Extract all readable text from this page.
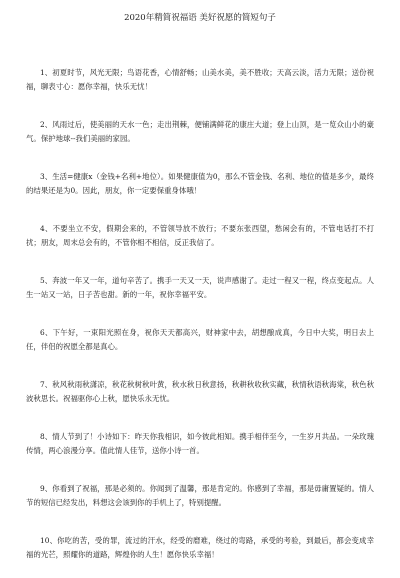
2020年精简祝福语 美好祝愿的简短句子

1、初夏时节，风光无限；鸟语花香，心情舒畅；山美水美，美不胜收；天高云淡，活力无限；送份祝福，聊表寸心：愿你幸福，快乐无忧！

2、风雨过后，使美丽的天水一色；走出荆棘，便铺满鲜花的康庄大道；登上山顶，是一览众山小的豪气。保护地球--我们美丽的家园。

3、生活=健康x（金钱+名利+地位）。如果健康值为0，那么不管金钱、名利、地位的值是多少，最终的结果还是为0。因此，朋友，你一定要保重身体哦！

4、不要坐立不安，假期会来的，不管领导放不放行；不要东张西望，愁闲会有的，不管电话打不打扰；朋友，周末总会有的，不管你相不相信，反正我信了。

5、奔波一年又一年，道句辛苦了。携手一天又一天，说声感谢了。走过一程又一程，终点变起点。人生一站又一站，日子苦也甜。新的一年，祝你幸福平安。

6、下午好，一束阳光照在身，祝你天天都高兴，财神家中去，胡想酿成真，今日中大奖，明日去上任，伴侣的祝愿全都是真心。

7、秋风秋雨秋潇凉，秋花秋树秋叶黄，秋水秋日秋意扬，秋耕秋收秋实藏，秋情秋语秋海棠，秋色秋波秋思长。祝福驱你心上秋，愿快乐永无忧。

8、情人节到了！小诗如下：昨天你我相识，如今彼此相知。携手相伴至今，一生岁月共品。一朵玫瑰传情，两心浪漫分享。值此情人佳节，送你小诗一首。

9、你看到了祝福，那是必须的。你闻到了温馨，那是肯定的。你感到了幸福，那是毋庸置疑的。情人节的短信已经发出，料想这会该到你的手机上了，特别提醒。

10、你吃的苦，受的罪，流过的汗水，经受的磨难，绕过的弯路，承受的考验，到最后，都会变成幸福的光芒，照耀你的道路，辉煌你的人生！愿你快乐幸福！
